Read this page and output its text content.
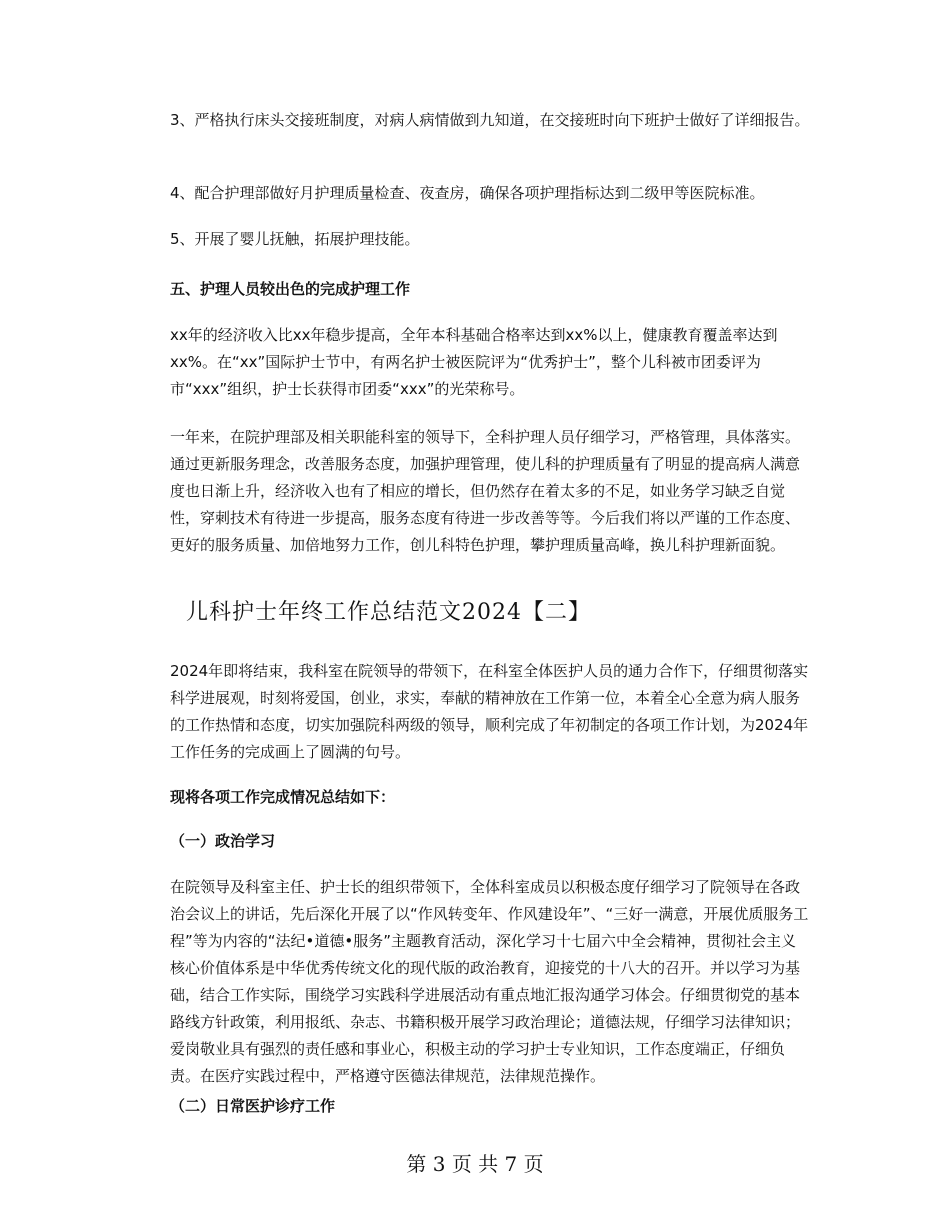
3、严格执行床头交接班制度，对病人病情做到九知道，在交接班时向下班护士做好了详细报告。

4、配合护理部做好月护理质量检查、夜查房，确保各项护理指标达到二级甲等医院标准。

5、开展了婴儿抚触，拓展护理技能。

五、护理人员较出色的完成护理工作

xx年的经济收入比xx年稳步提高，全年本科基础合格率达到xx%以上，健康教育覆盖率达到xx%。在“xx”国际护士节中，有两名护士被医院评为“优秀护士”，整个儿科被市团委评为市“xxx”组织，护士长获得市团委“xxx”的光荣称号。

一年来，在院护理部及相关职能科室的领导下，全科护理人员仔细学习，严格管理，具体落实。通过更新服务理念，改善服务态度，加强护理管理，使儿科的护理质量有了明显的提高病人满意度也日渐上升，经济收入也有了相应的增长，但仍然存在着太多的不足，如业务学习缺乏自觉性，穿刺技术有待进一步提高，服务态度有待进一步改善等等。今后我们将以严谨的工作态度、更好的服务质量、加倍地努力工作，创儿科特色护理，攀护理质量高峰，换儿科护理新面貌。

儿科护士年终工作总结范文2024【二】

2024年即将结束，我科室在院领导的带领下，在科室全体医护人员的通力合作下，仔细贯彻落实科学进展观，时刻将爱国，创业，求实，奉献的精神放在工作第一位，本着全心全意为病人服务的工作热情和态度，切实加强院科两级的领导，顺利完成了年初制定的各项工作计划，为2024年工作任务的完成画上了圆满的句号。

现将各项工作完成情况总结如下：

（一）政治学习

在院领导及科室主任、护士长的组织带领下，全体科室成员以积极态度仔细学习了院领导在各政治会议上的讲话，先后深化开展了以“作风转变年、作风建设年”、“三好一满意，开展优质服务工程”等为内容的“法纪•道德•服务”主题教育活动，深化学习十七届六中全会精神，贯彻社会主义核心价值体系是中华优秀传统文化的现代版的政治教育，迎接党的十八大的召开。并以学习为基础，结合工作实际，围绕学习实践科学进展活动有重点地汇报沟通学习体会。仔细贯彻党的基本路线方针政策，利用报纸、杂志、书籍积极开展学习政治理论；道德法规，仔细学习法律知识；爱岗敬业具有强烈的责任感和事业心，积极主动的学习护士专业知识，工作态度端正，仔细负责。在医疗实践过程中，严格遵守医德法律规范，法律规范操作。

（二）日常医护诊疗工作

第 3 页 共 7 页
